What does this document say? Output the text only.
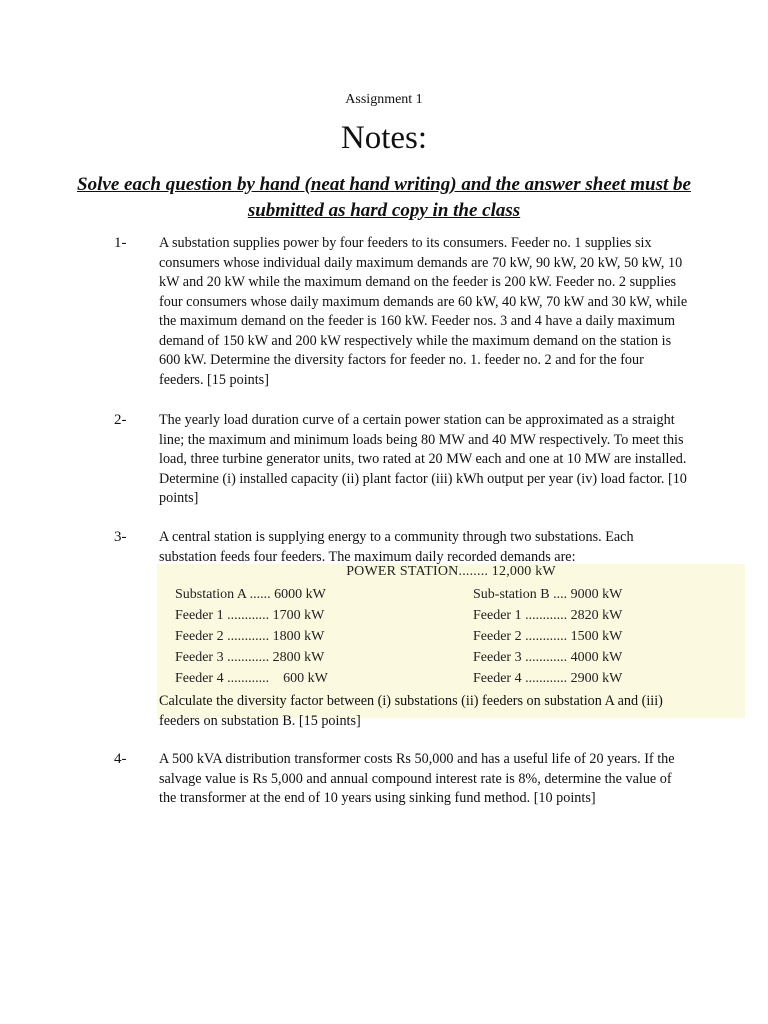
Assignment 1
Notes:
Solve each question by hand (neat hand writing) and the answer sheet must be submitted as hard copy in the class
1- A substation supplies power by four feeders to its consumers. Feeder no. 1 supplies six consumers whose individual daily maximum demands are 70 kW, 90 kW, 20 kW, 50 kW, 10 kW and 20 kW while the maximum demand on the feeder is 200 kW. Feeder no. 2 supplies four consumers whose daily maximum demands are 60 kW, 40 kW, 70 kW and 30 kW, while the maximum demand on the feeder is 160 kW. Feeder nos. 3 and 4 have a daily maximum demand of 150 kW and 200 kW respectively while the maximum demand on the station is 600 kW. Determine the diversity factors for feeder no. 1. feeder no. 2 and for the four feeders. [15 points]
2- The yearly load duration curve of a certain power station can be approximated as a straight line; the maximum and minimum loads being 80 MW and 40 MW respectively. To meet this load, three turbine generator units, two rated at 20 MW each and one at 10 MW are installed. Determine (i) installed capacity (ii) plant factor (iii) kWh output per year (iv) load factor. [10 points]
3- A central station is supplying energy to a community through two substations. Each substation feeds four feeders. The maximum daily recorded demands are:
POWER STATION........ 12,000 kW
Substation A ...... 6000 kW
Feeder 1 ............ 1700 kW
Feeder 2 ............ 1800 kW
Feeder 3 ............ 2800 kW
Feeder 4 ............    600 kW
Sub-station B .... 9000 kW
Feeder 1 ............ 2820 kW
Feeder 2 ............ 1500 kW
Feeder 3 ............ 4000 kW
Feeder 4 ............ 2900 kW
Calculate the diversity factor between (i) substations (ii) feeders on substation A and (iii) feeders on substation B. [15 points]
4- A 500 kVA distribution transformer costs Rs 50,000 and has a useful life of 20 years. If the salvage value is Rs 5,000 and annual compound interest rate is 8%, determine the value of the transformer at the end of 10 years using sinking fund method. [10 points]
